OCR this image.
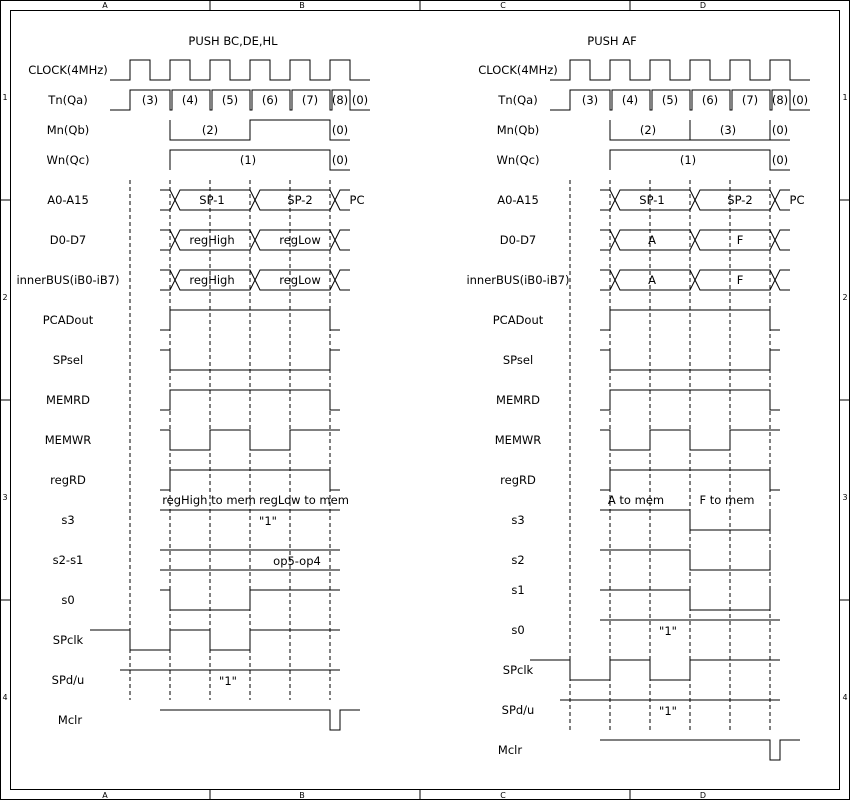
A
A
B
B
C
C
D
D
1	1
2	2
3	3
4	4
PUSH BC,DE,HL
CLOCK(4MHz)
Tn(Qa)
Mn(Qb)
Wn(Qc)
A0-A15
D0-D7
innerBUS(iB0-iB7)
PCADout
SPsel
MEMRD
MEMWR
regRD
s3
s2-s1
s0
SPclk
SPd/u
Mclr
(3) (4) (5) (6) (7) (8) (0)
(2)	(0)
(1)	(0)
SP-1	SP-2	PC
regHigh	regLow
regHigh	regLow
regHigh to mem regLow to mem
"1"
op5-op4
"1"
PUSH AF
CLOCK(4MHz)
Tn(Qa)
Mn(Qb)
Wn(Qc)
A0-A15
D0-D7
innerBUS(iB0-iB7)
PCADout
SPsel
MEMRD
MEMWR
regRD
s3
s2
s1
s0
SPclk
SPd/u
Mclr
(3) (4) (5) (6) (7) (8) (0)
(2)	(3)	(0)
(1)	(0)
SP-1	SP-2	PC
A	F
A	F
A to mem	F to mem
"1"
"1"
